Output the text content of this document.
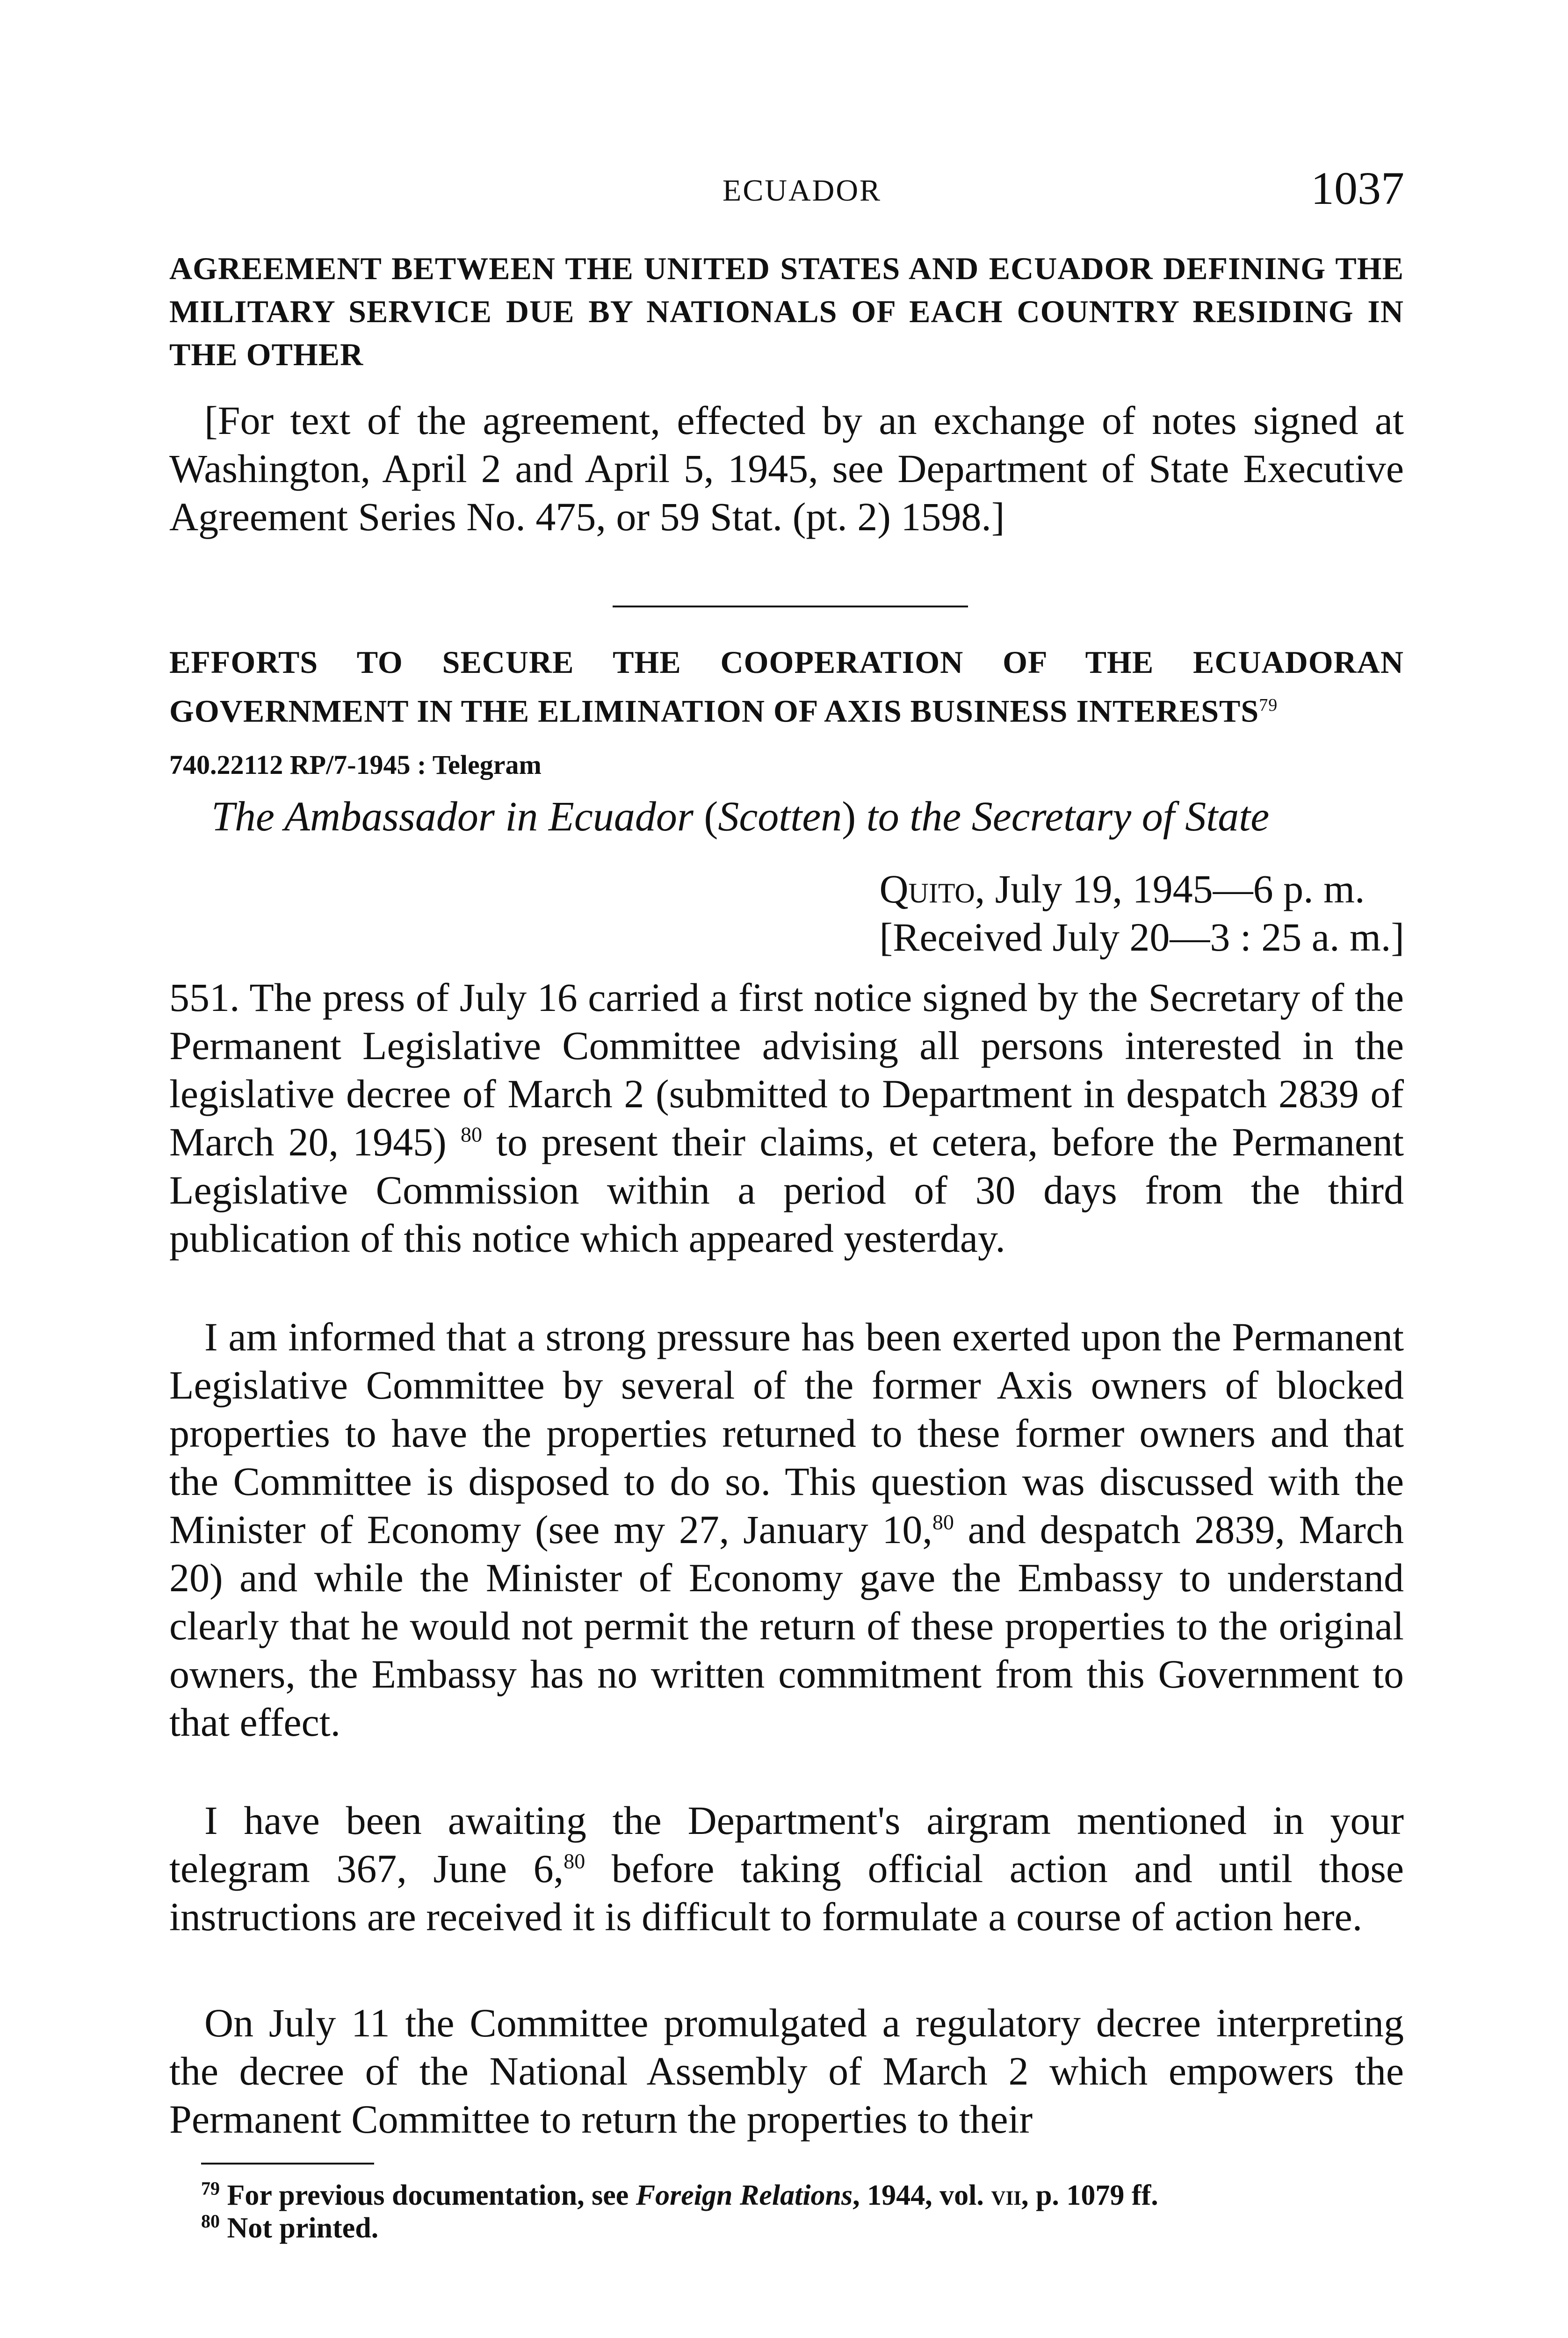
ECUADOR	1037
AGREEMENT BETWEEN THE UNITED STATES AND ECUADOR DEFINING THE MILITARY SERVICE DUE BY NATIONALS OF EACH COUNTRY RESIDING IN THE OTHER
[For text of the agreement, effected by an exchange of notes signed at Washington, April 2 and April 5, 1945, see Department of State Executive Agreement Series No. 475, or 59 Stat. (pt. 2) 1598.]
EFFORTS TO SECURE THE COOPERATION OF THE ECUADORAN GOVERNMENT IN THE ELIMINATION OF AXIS BUSINESS INTERESTS$^{79}$
740.22112 RP/7-1945 : Telegram
The Ambassador in Ecuador (Scotten) to the Secretary of State
Quito, July 19, 1945—6 p. m.
[Received July 20—3 : 25 a. m.]
551. The press of July 16 carried a first notice signed by the Secretary of the Permanent Legislative Committee advising all persons interested in the legislative decree of March 2 (submitted to Department in despatch 2839 of March 20, 1945) $^{80}$ to present their claims, et cetera, before the Permanent Legislative Commission within a period of 30 days from the third publication of this notice which appeared yesterday.
I am informed that a strong pressure has been exerted upon the Permanent Legislative Committee by several of the former Axis owners of blocked properties to have the properties returned to these former owners and that the Committee is disposed to do so. This question was discussed with the Minister of Economy (see my 27, January 10,80 and despatch 2839, March 20) and while the Minister of Economy gave the Embassy to understand clearly that he would not permit the return of these properties to the original owners, the Embassy has no written commitment from this Government to that effect.
I have been awaiting the Department's airgram mentioned in your telegram 367, June 6,80 before taking official action and until those instructions are received it is difficult to formulate a course of action here.
On July 11 the Committee promulgated a regulatory decree interpreting the decree of the National Assembly of March 2 which empowers the Permanent Committee to return the properties to their
$^{79}$ For previous documentation, see Foreign Relations, 1944, vol. vii, p. 1079 ff.
$^{80}$ Not printed.
